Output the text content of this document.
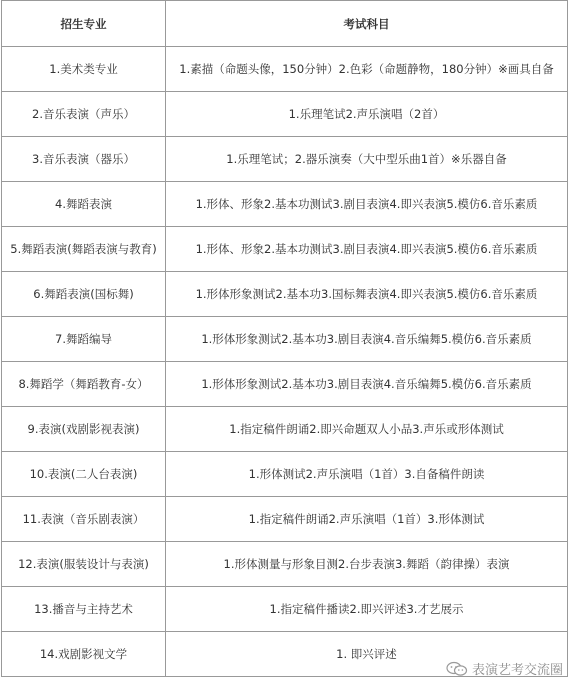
招生专业	考试科目
1.美术类专业	1.素描（命题头像，150分钟）2.色彩（命题静物，180分钟）※画具自备
2.音乐表演（声乐）	1.乐理笔试2.声乐演唱（2首）
3.音乐表演（器乐）	1.乐理笔试；2.器乐演奏（大中型乐曲1首）※乐器自备
4.舞蹈表演	1.形体、形象2.基本功测试3.剧目表演4.即兴表演5.模仿6.音乐素质
5.舞蹈表演(舞蹈表演与教育)	1.形体、形象2.基本功测试3.剧目表演4.即兴表演5.模仿6.音乐素质
6.舞蹈表演(国标舞)	1.形体形象测试2.基本功3.国标舞表演4.即兴表演5.模仿6.音乐素质
7.舞蹈编导	1.形体形象测试2.基本功3.剧目表演4.音乐编舞5.模仿6.音乐素质
8.舞蹈学（舞蹈教育-女）	1.形体形象测试2.基本功3.剧目表演4.音乐编舞5.模仿6.音乐素质
9.表演(戏剧影视表演)	1.指定稿件朗诵2.即兴命题双人小品3.声乐或形体测试
10.表演(二人台表演)	1.形体测试2.声乐演唱（1首）3.自备稿件朗读
11.表演（音乐剧表演）	1.指定稿件朗诵2.声乐演唱（1首）3.形体测试
12.表演(服装设计与表演)	1.形体测量与形象目测2.台步表演3.舞蹈（韵律操）表演
13.播音与主持艺术	1.指定稿件播读2.即兴评述3.才艺展示
14.戏剧影视文学	1. 即兴评述
表演艺考交流圈
